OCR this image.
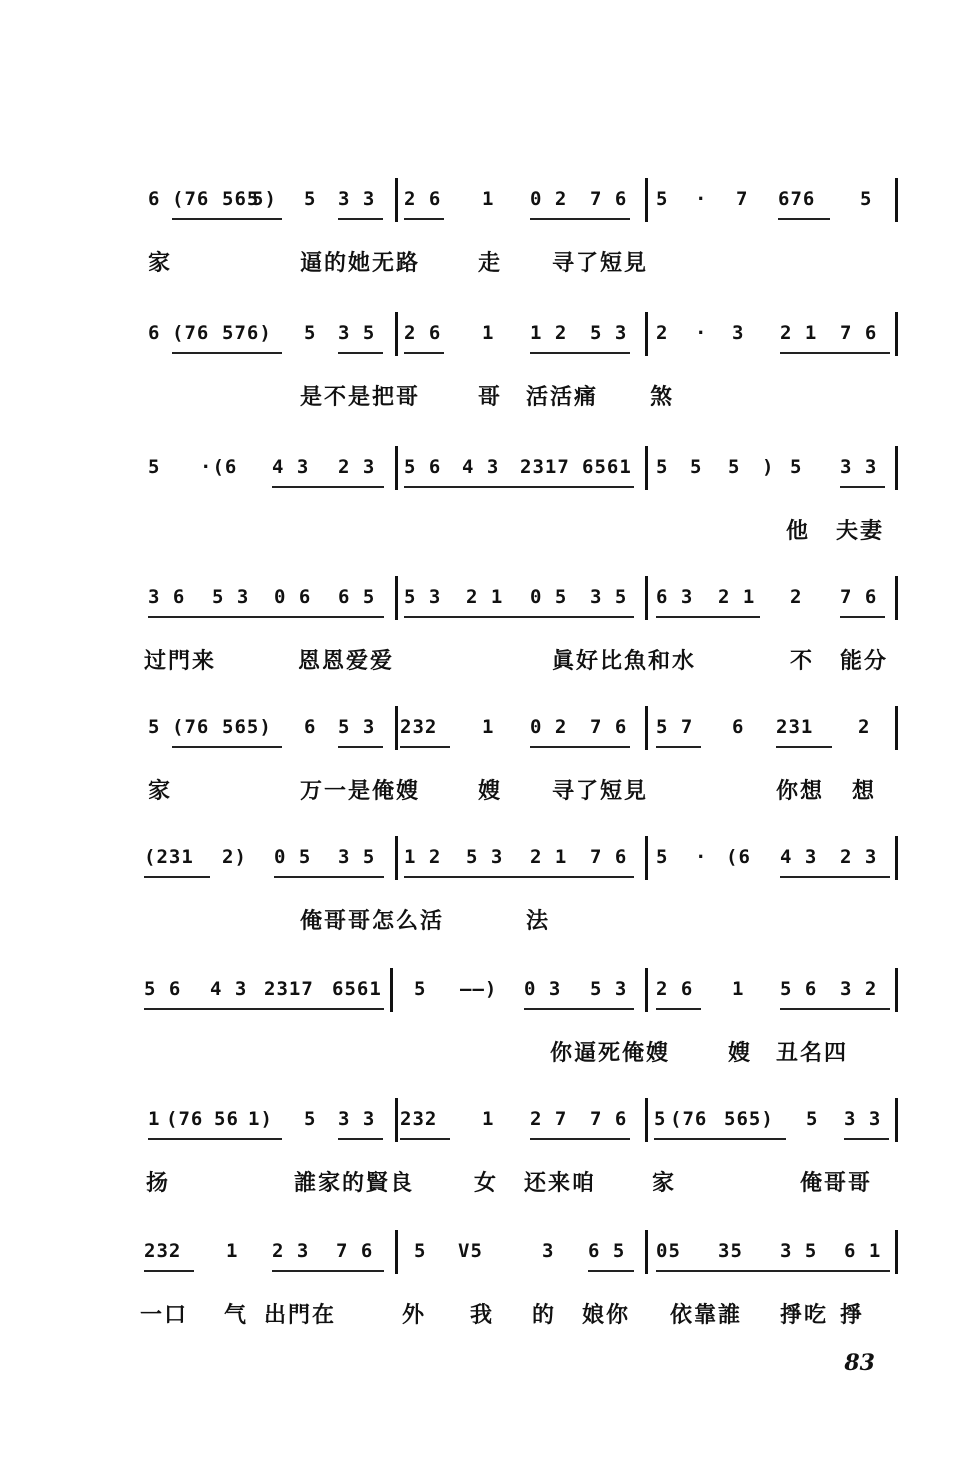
6 (76 565
5) 5 3 3 2 6 1 0 2 7 6 5 · 7 676 5
家	逼的她无路	走 寻了短見
6 (76 576) 5 3 5 2 6 1 1 2 5 3 2 · 3 2 1 7 6
是不是把哥	哥 活活痛 煞
5 ·(6 4 3 2 3 5 6 4 3 2317 6561 5 5 5 ) 5 3 3
他 夫妻
3 6 5 3 0 6 6 5 5 3 2 1 0 5 3 5 6 3 2 1 2 7 6
过門来	恩恩爱爱	眞好比魚和水	不 能分
5 (76 565) 6 5 3 232 1 0 2 7 6 5 7 6 231 2
家	万一是俺嫂	嫂 寻了短見	你想 想
(231 2) 0 5 3 5 1 2 5 3 2 1 7 6 5 · (6 4 3 2 3
俺哥哥怎么活	法
5 6 4 3 2317 6561 5 ——) 0 3 5 3 2 6 1 5 6 3 2
你逼死俺嫂	嫂 丑名四
1 (76 56 1) 5 3 3 232 1 2 7 7 6 5 (76 565) 5 3 3
扬	誰家的賢良	女 还来咱	家	俺哥哥
232 1 2 3 7 6 5 V5	3 6 5 05 35 3 5 6 1
一口 气 出門在	外 我 的 娘你 依靠誰 掙吃 掙
83
